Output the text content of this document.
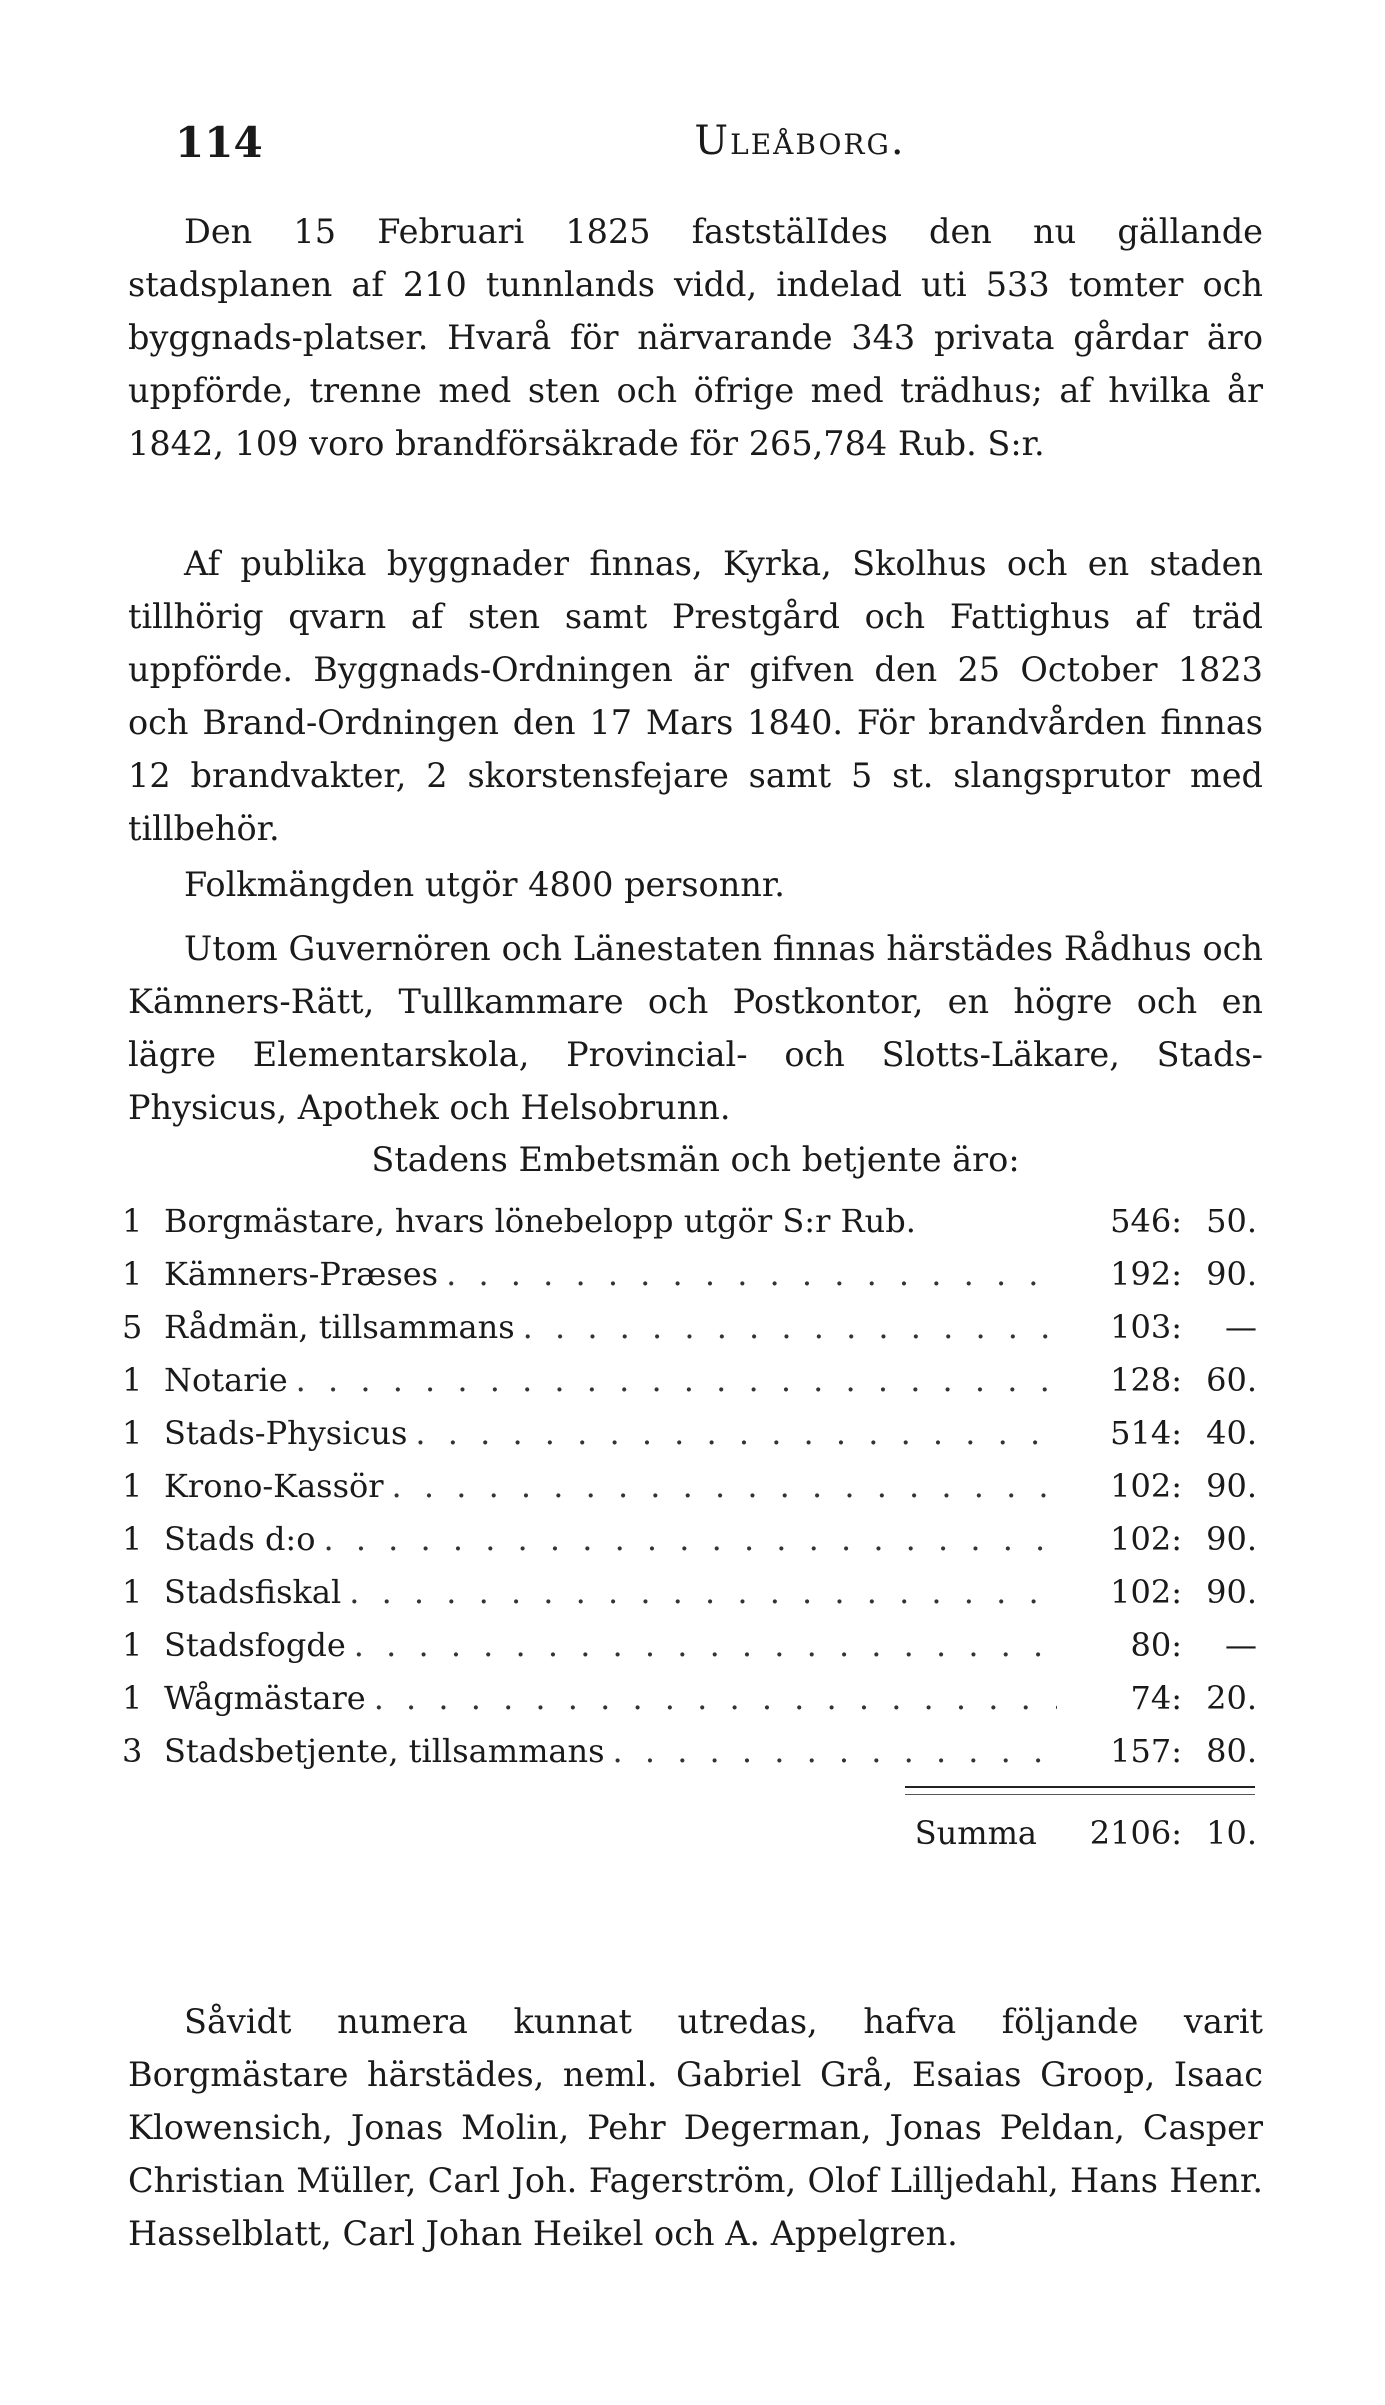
114	Uleåborg.

Den 15 Februari 1825 faststälIdes den nu gällande stadsplanen af 210 tunnlands vidd, indelad uti 533 tomter och byggnads-platser. Hvarå för närvarande 343 privata gårdar äro uppförde, trenne med sten och öfrige med trädhus; af hvilka år 1842, 109 voro brandförsäkrade för 265,784 Rub. S:r.

Af publika byggnader finnas, Kyrka, Skolhus och en staden tillhörig qvarn af sten samt Prestgård och Fattighus af träd uppförde. Byggnads-Ordningen är gifven den 25 October 1823 och Brand-Ordningen den 17 Mars 1840. För brandvården finnas 12 brandvakter, 2 skorstensfejare samt 5 st. slangsprutor med tillbehör.

Folkmängden utgör 4800 personnr.

Utom Guvernören och Länestaten finnas härstädes Rådhus och Kämners-Rätt, Tullkammare och Postkontor, en högre och en lägre Elementarskola, Provincial- och Slotts-Läkare, Stads-Physicus, Apothek och Helsobrunn.

Stadens Embetsmän och betjente äro:
1 Borgmästare, hvars lönebelopp utgör S:r Rub.	546: 50.
1 Kämners-Præses . . .	192: 90.
5 Rådmän, tillsammans . . .	103: —
1 Notarie . . .	128: 60.
1 Stads-Physicus . . .	514: 40.
1 Krono-Kassör . . .	102: 90.
1 Stads d:o . . .	102: 90.
1 Stadsfiskal . . .	102: 90.
1 Stadsfogde . . .	80: —
1 Wågmästare . . .	74: 20.
3 Stadsbetjente, tillsammans . . .	157: 80.
Summa	2106: 10.

Såvidt numera kunnat utredas, hafva följande varit Borgmästare härstädes, neml. Gabriel Grå, Esaias Groop, Isaac Klowensich, Jonas Molin, Pehr Degerman, Jonas Peldan, Casper Christian Müller, Carl Joh. Fagerström, Olof Lilljedahl, Hans Henr. Hasselblatt, Carl Johan Heikel och A. Appelgren.
